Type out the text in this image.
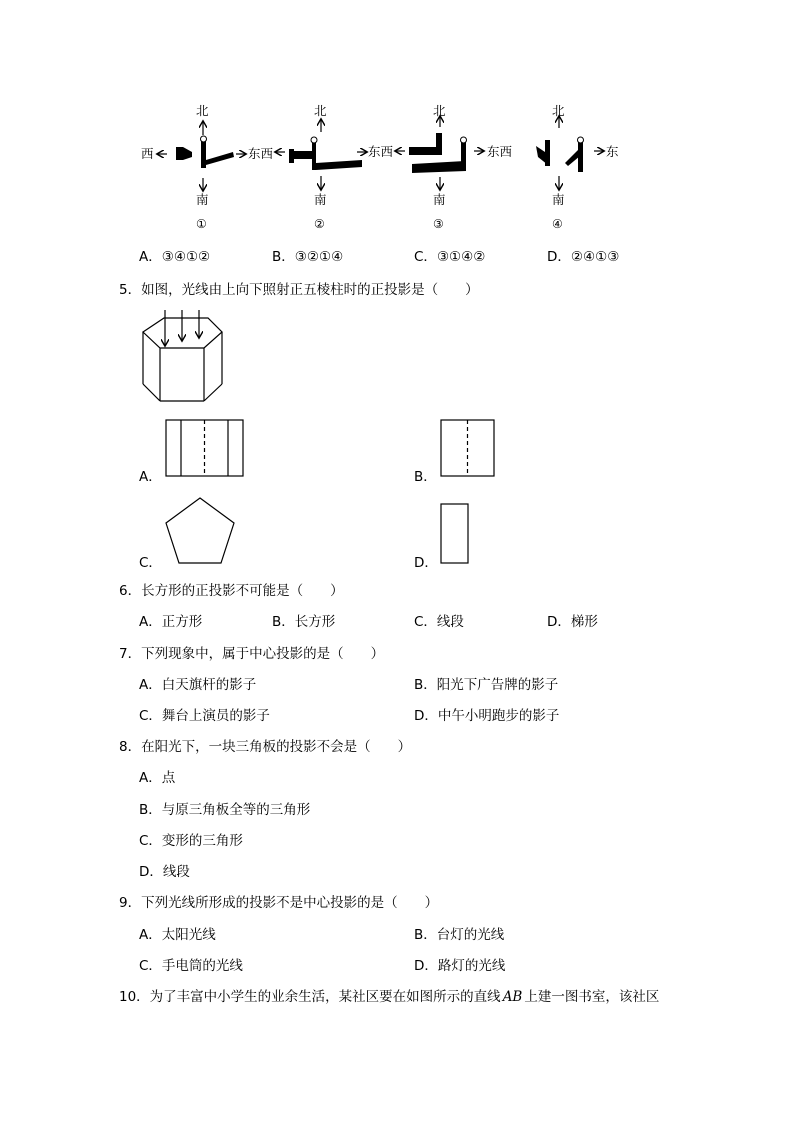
北
南
西	东西
①
北
南
东西
②
北
南
东西
③
北
南
东
④
A．③④①②	B．③②①④	C．③①④②	D．②④①③
5．如图，光线由上向下照射正五棱柱时的正投影是（　　）
A．	B．
C．	D．
6．长方形的正投影不可能是（　　）
A．正方形	B．长方形	C．线段	D．梯形
7．下列现象中，属于中心投影的是（　　）
A．白天旗杆的影子	B．阳光下广告牌的影子
C．舞台上演员的影子	D．中午小明跑步的影子
8．在阳光下，一块三角板的投影不会是（　　）
A．点
B．与原三角板全等的三角形
C．变形的三角形
D．线段
9．下列光线所形成的投影不是中心投影的是（　　）
A．太阳光线	B．台灯的光线
C．手电筒的光线	D．路灯的光线
10．为了丰富中小学生的业余生活，某社区要在如图所示的直线 AB 上建一图书室，该社区
